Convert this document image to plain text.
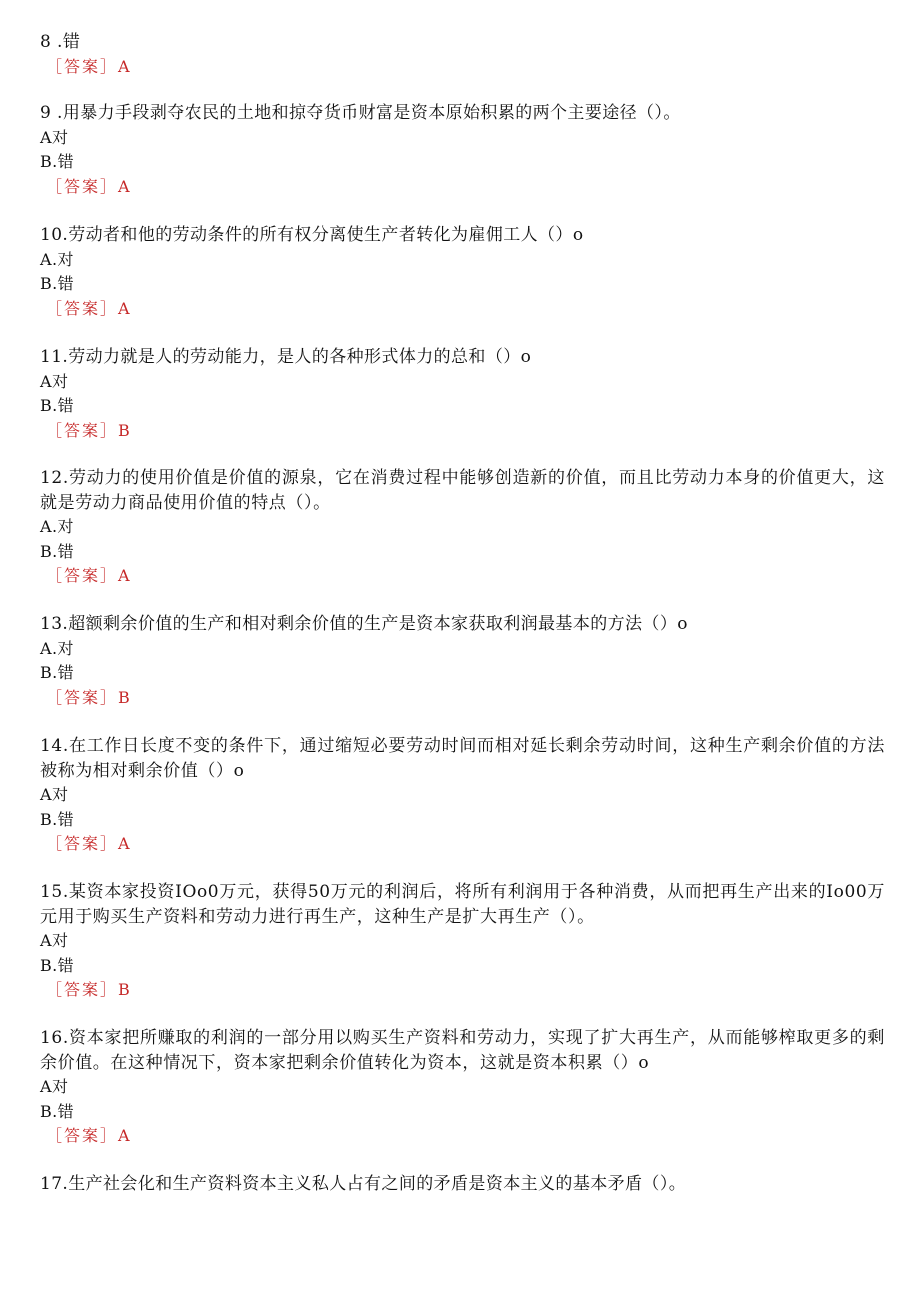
8 .错
［答案］A
9 .用暴力手段剥夺农民的土地和掠夺货币财富是资本原始积累的两个主要途径（）。
A对
B.错
［答案］A
10.劳动者和他的劳动条件的所有权分离使生产者转化为雇佣工人（）o
A.对
B.错
［答案］A
11.劳动力就是人的劳动能力，是人的各种形式体力的总和（）o
A对
B.错
［答案］B
12.劳动力的使用价值是价值的源泉，它在消费过程中能够创造新的价值，而且比劳动力本身的价值更大，这就是劳动力商品使用价值的特点（）。
A.对
B.错
［答案］A
13.超额剩余价值的生产和相对剩余价值的生产是资本家获取利润最基本的方法（）o
A.对
B.错
［答案］B
14.在工作日长度不变的条件下，通过缩短必要劳动时间而相对延长剩余劳动时间，这种生产剩余价值的方法被称为相对剩余价值（）o
A对
B.错
［答案］A
15.某资本家投资IOo0万元，获得50万元的利润后，将所有利润用于各种消费，从而把再生产出来的Io00万元用于购买生产资料和劳动力进行再生产，这种生产是扩大再生产（）。
A对
B.错
［答案］B
16.资本家把所赚取的利润的一部分用以购买生产资料和劳动力，实现了扩大再生产，从而能够榨取更多的剩余价值。在这种情况下，资本家把剩余价值转化为资本，这就是资本积累（）o
A对
B.错
［答案］A
17.生产社会化和生产资料资本主义私人占有之间的矛盾是资本主义的基本矛盾（）。
